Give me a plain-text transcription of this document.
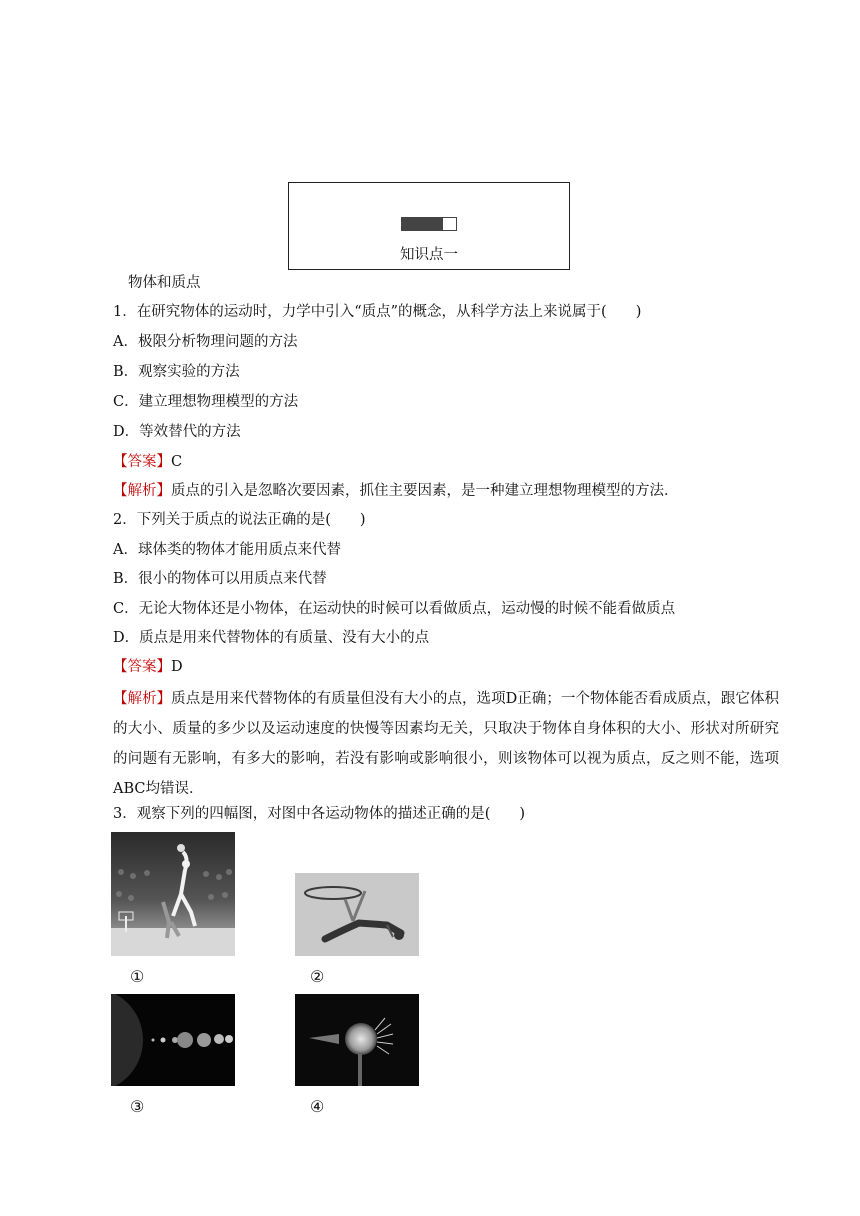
知识点一
物体和质点
1．在研究物体的运动时，力学中引入“质点”的概念，从科学方法上来说属于(　　)
A．极限分析物理问题的方法
B．观察实验的方法
C．建立理想物理模型的方法
D．等效替代的方法
【答案】C
【解析】质点的引入是忽略次要因素，抓住主要因素，是一种建立理想物理模型的方法．
2．下列关于质点的说法正确的是(　　)
A．球体类的物体才能用质点来代替
B．很小的物体可以用质点来代替
C．无论大物体还是小物体，在运动快的时候可以看做质点，运动慢的时候不能看做质点
D．质点是用来代替物体的有质量、没有大小的点
【答案】D
【解析】质点是用来代替物体的有质量但没有大小的点，选项D正确；一个物体能否看成质点，跟它体积的大小、质量的多少以及运动速度的快慢等因素均无关，只取决于物体自身体积的大小、形状对所研究的问题有无影响，有多大的影响，若没有影响或影响很小，则该物体可以视为质点，反之则不能，选项ABC均错误．
3．观察下列的四幅图，对图中各运动物体的描述正确的是(　　)
①	②
③	④
